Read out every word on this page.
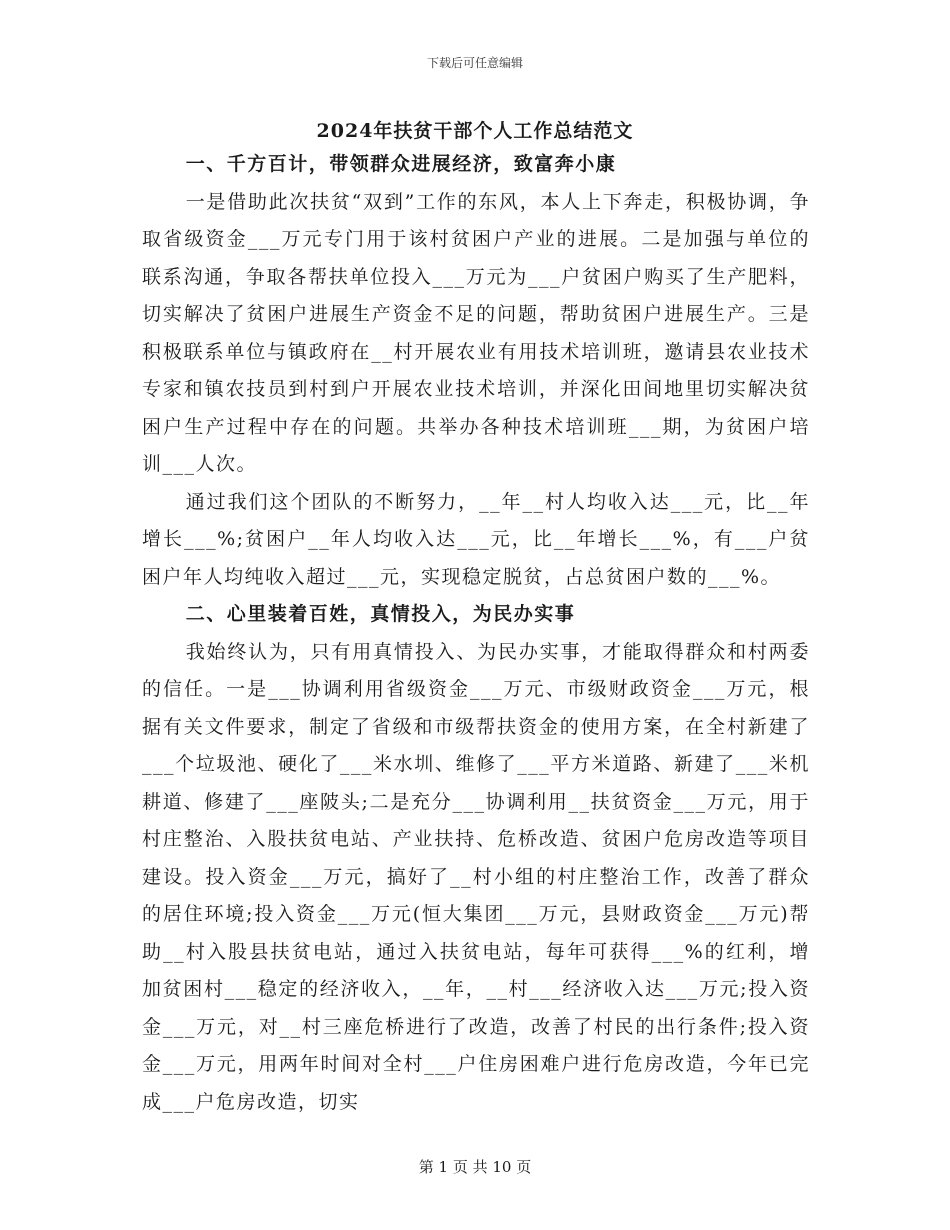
下载后可任意编辑
2024年扶贫干部个人工作总结范文
一、千方百计，带领群众进展经济，致富奔小康

一是借助此次扶贫“双到”工作的东风，本人上下奔走，积极协调，争取省级资金___万元专门用于该村贫困户产业的进展。二是加强与单位的联系沟通，争取各帮扶单位投入___万元为___户贫困户购买了生产肥料，切实解决了贫困户进展生产资金不足的问题，帮助贫困户进展生产。三是积极联系单位与镇政府在__村开展农业有用技术培训班，邀请县农业技术专家和镇农技员到村到户开展农业技术培训，并深化田间地里切实解决贫困户生产过程中存在的问题。共举办各种技术培训班___期，为贫困户培训___人次。

通过我们这个团队的不断努力，__年__村人均收入达___元，比__年增长___%;贫困户__年人均收入达___元，比__年增长___%，有___户贫困户年人均纯收入超过___元，实现稳定脱贫，占总贫困户数的___%。

二、心里装着百姓，真情投入，为民办实事

我始终认为，只有用真情投入、为民办实事，才能取得群众和村两委的信任。一是___协调利用省级资金___万元、市级财政资金___万元，根据有关文件要求，制定了省级和市级帮扶资金的使用方案，在全村新建了___个垃圾池、硬化了___米水圳、维修了___平方米道路、新建了___米机耕道、修建了___座陂头;二是充分___协调利用__扶贫资金___万元，用于村庄整治、入股扶贫电站、产业扶持、危桥改造、贫困户危房改造等项目建设。投入资金___万元，搞好了__村小组的村庄整治工作，改善了群众的居住环境;投入资金___万元(恒大集团___万元，县财政资金___万元)帮助__村入股县扶贫电站，通过入扶贫电站，每年可获得___%的红利，增加贫困村___稳定的经济收入，__年，__村___经济收入达___万元;投入资金___万元，对__村三座危桥进行了改造，改善了村民的出行条件;投入资金___万元，用两年时间对全村___户住房困难户进行危房改造，今年已完成___户危房改造，切实

第 1 页 共 10 页
